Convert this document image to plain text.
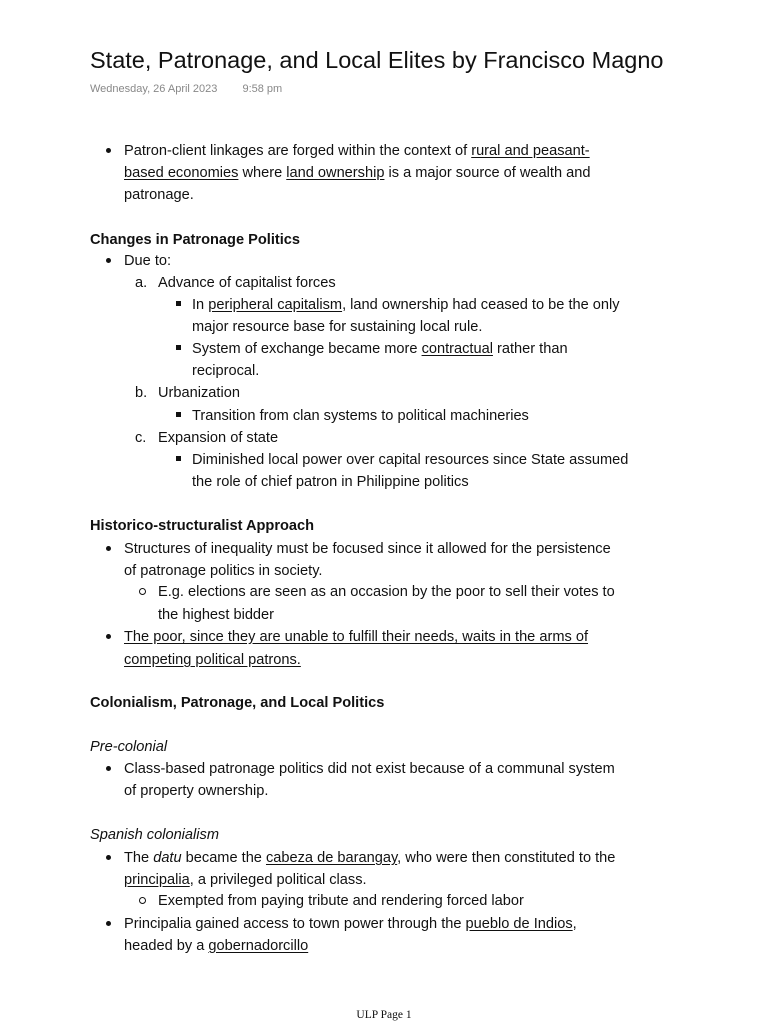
State, Patronage, and Local Elites by Francisco Magno
Wednesday, 26 April 2023 9:58 pm
Patron-client linkages are forged within the context of rural and peasant-
based economies where land ownership is a major source of wealth and
patronage.
Changes in Patronage Politics
Due to:
a. Advance of capitalist forces
In peripheral capitalism, land ownership had ceased to be the only
major resource base for sustaining local rule.
System of exchange became more contractual rather than
reciprocal.
b. Urbanization
Transition from clan systems to political machineries
c. Expansion of state
Diminished local power over capital resources since State assumed
the role of chief patron in Philippine politics
Historico-structuralist Approach
Structures of inequality must be focused since it allowed for the persistence
of patronage politics in society.
E.g. elections are seen as an occasion by the poor to sell their votes to
the highest bidder
The poor, since they are unable to fulfill their needs, waits in the arms of
competing political patrons.
Colonialism, Patronage, and Local Politics
Pre-colonial
Class-based patronage politics did not exist because of a communal system
of property ownership.
Spanish colonialism
The datu became the cabeza de barangay, who were then constituted to the
principalia, a privileged political class.
Exempted from paying tribute and rendering forced labor
Principalia gained access to town power through the pueblo de Indios,
headed by a gobernadorcillo
ULP Page 1
